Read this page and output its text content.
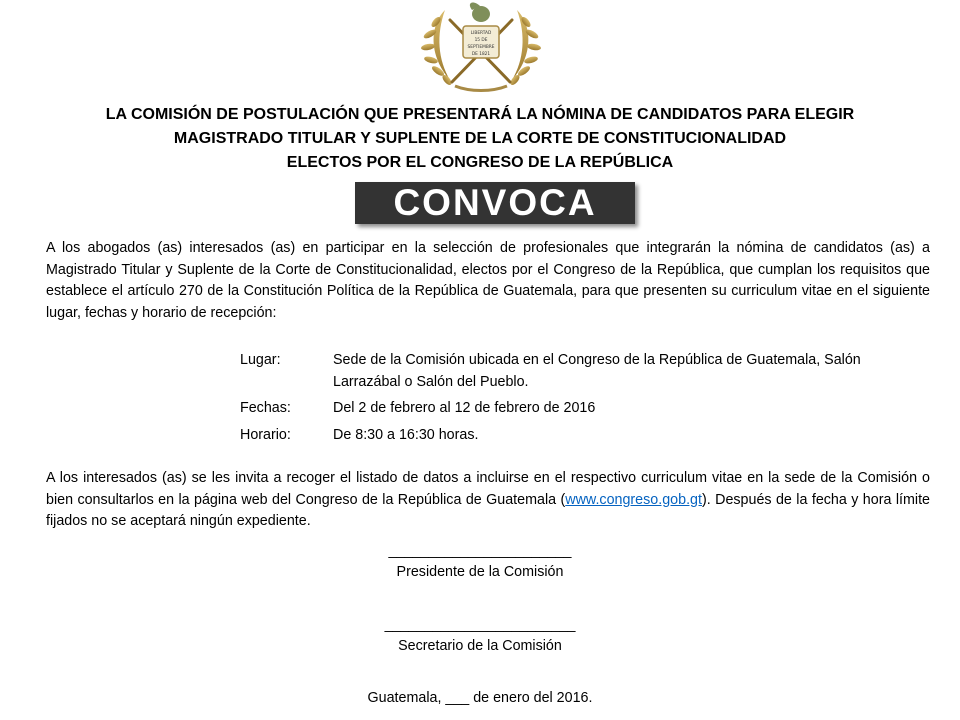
LIBERTAD
15 DE
SEPTIEMBRE
DE 1821
LA COMISIÓN DE POSTULACIÓN QUE PRESENTARÁ LA NÓMINA DE CANDIDATOS PARA ELEGIR
MAGISTRADO TITULAR Y SUPLENTE DE LA CORTE DE CONSTITUCIONALIDAD
ELECTOS POR EL CONGRESO DE LA REPÚBLICA
CONVOCA
A los abogados (as) interesados (as) en participar en la selección de profesionales que integrarán la nómina de candidatos (as) a Magistrado Titular y Suplente de la Corte de Constitucionalidad, electos por el Congreso de la República, que cumplan los requisitos que establece el artículo 270 de la Constitución Política de la República de Guatemala, para que presenten su curriculum vitae en el siguiente lugar, fechas y horario de recepción:
Lugar:	Sede de la Comisión ubicada en el Congreso de la República de Guatemala, Salón Larrazábal o Salón del Pueblo.
Fechas:	Del 2 de febrero al 12 de febrero de 2016
Horario:	De 8:30 a 16:30 horas.
A los interesados (as) se les invita a recoger el listado de datos a incluirse en el respectivo curriculum vitae en la sede de la Comisión o bien consultarlos en la página web del Congreso de la República de Guatemala (www.congreso.gob.gt). Después de la fecha y hora límite fijados no se aceptará ningún expediente.
_______________________
Presidente de la Comisión
________________________
Secretario de la Comisión
Guatemala, ___ de enero del 2016.
